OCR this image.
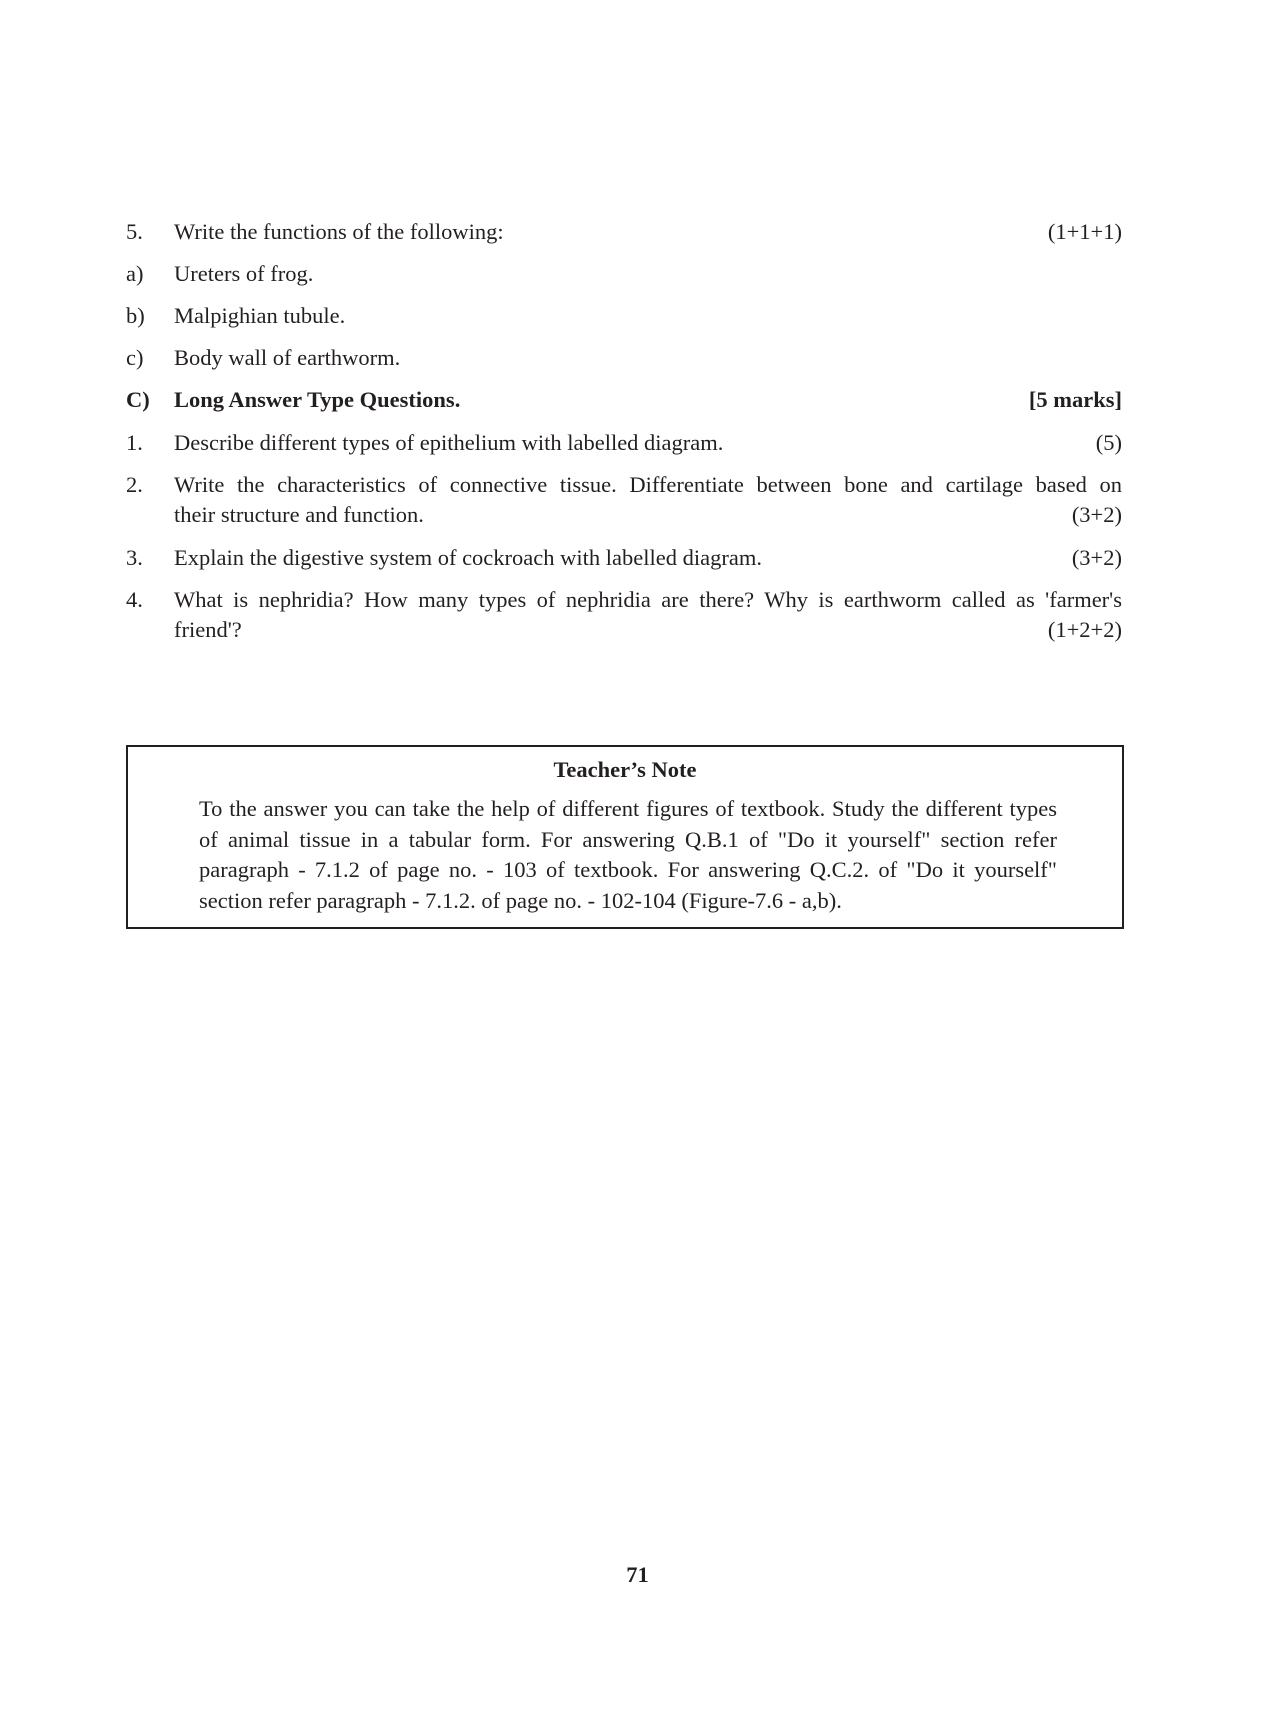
5. Write the functions of the following:	(1+1+1)
a) Ureters of frog.
b) Malpighian tubule.
c) Body wall of earthworm.
C) Long Answer Type Questions.	[5 marks]
1. Describe different types of epithelium with labelled diagram.	(5)
2. Write the characteristics of connective tissue. Differentiate between bone and cartilage based on
their structure and function.	(3+2)
3. Explain the digestive system of cockroach with labelled diagram.	(3+2)
4. What is nephridia? How many types of nephridia are there? Why is earthworm called as 'farmer's
friend'?	(1+2+2)
Teacher’s Note
To the answer you can take the help of different figures of textbook. Study the different types of animal tissue in a tabular form. For answering Q.B.1 of "Do it yourself" section refer paragraph - 7.1.2 of page no. - 103 of textbook. For answering Q.C.2. of "Do it yourself" section refer paragraph - 7.1.2. of page no. - 102-104 (Figure-7.6 - a,b).
71
